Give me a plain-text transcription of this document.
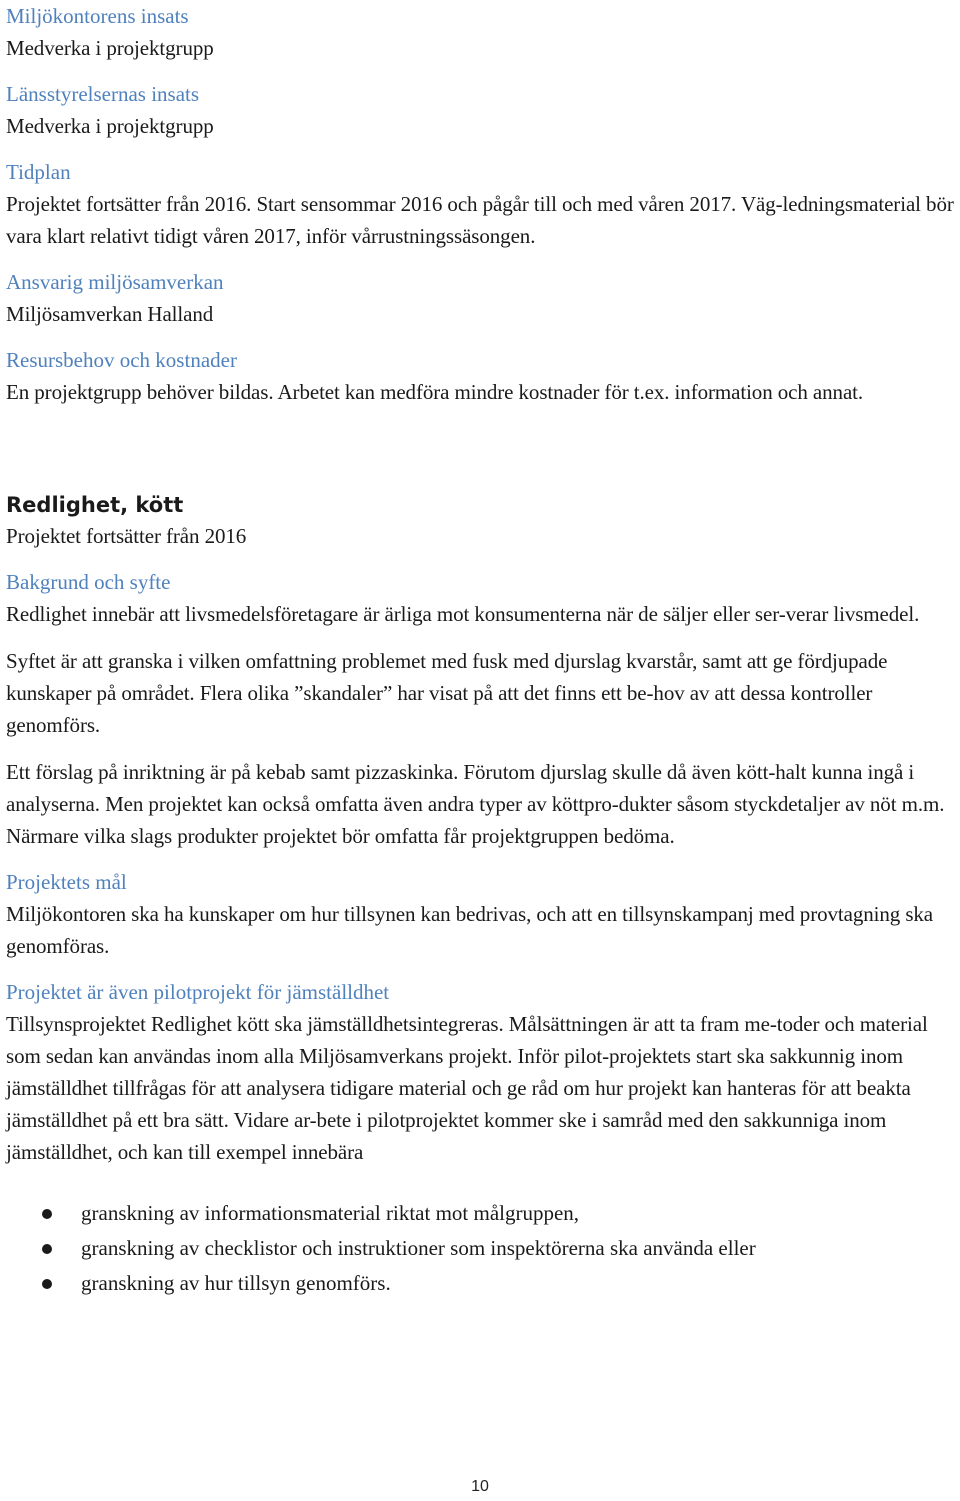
Miljökontorens insats
Medverka i projektgrupp
Länsstyrelsernas insats
Medverka i projektgrupp
Tidplan
Projektet fortsätter från 2016. Start sensommar 2016 och pågår till och med våren 2017. Väg-ledningsmaterial bör vara klart relativt tidigt våren 2017, inför vårrustningssäsongen.
Ansvarig miljösamverkan
Miljösamverkan Halland
Resursbehov och kostnader
En projektgrupp behöver bildas. Arbetet kan medföra mindre kostnader för t.ex. information och annat.
Redlighet, kött
Projektet fortsätter från 2016
Bakgrund och syfte
Redlighet innebär att livsmedelsföretagare är ärliga mot konsumenterna när de säljer eller ser-verar livsmedel.
Syftet är att granska i vilken omfattning problemet med fusk med djurslag kvarstår, samt att ge fördjupade kunskaper på området. Flera olika ”skandaler” har visat på att det finns ett be-hov av att dessa kontroller genomförs.
Ett förslag på inriktning är på kebab samt pizzaskinka. Förutom djurslag skulle då även kött-halt kunna ingå i analyserna. Men projektet kan också omfatta även andra typer av köttpro-dukter såsom styckdetaljer av nöt m.m. Närmare vilka slags produkter projektet bör omfatta får projektgruppen bedöma.
Projektets mål
Miljökontoren ska ha kunskaper om hur tillsynen kan bedrivas, och att en tillsynskampanj med provtagning ska genomföras.
Projektet är även pilotprojekt för jämställdhet
Tillsynsprojektet Redlighet kött ska jämställdhetsintegreras. Målsättningen är att ta fram me-toder och material som sedan kan användas inom alla Miljösamverkans projekt. Inför pilot-projektets start ska sakkunnig inom jämställdhet tillfrågas för att analysera tidigare material och ge råd om hur projekt kan hanteras för att beakta jämställdhet på ett bra sätt. Vidare ar-bete i pilotprojektet kommer ske i samråd med den sakkunniga inom jämställdhet, och kan till exempel innebära
granskning av informationsmaterial riktat mot målgruppen,
granskning av checklistor och instruktioner som inspektörerna ska använda eller
granskning av hur tillsyn genomförs.
10
